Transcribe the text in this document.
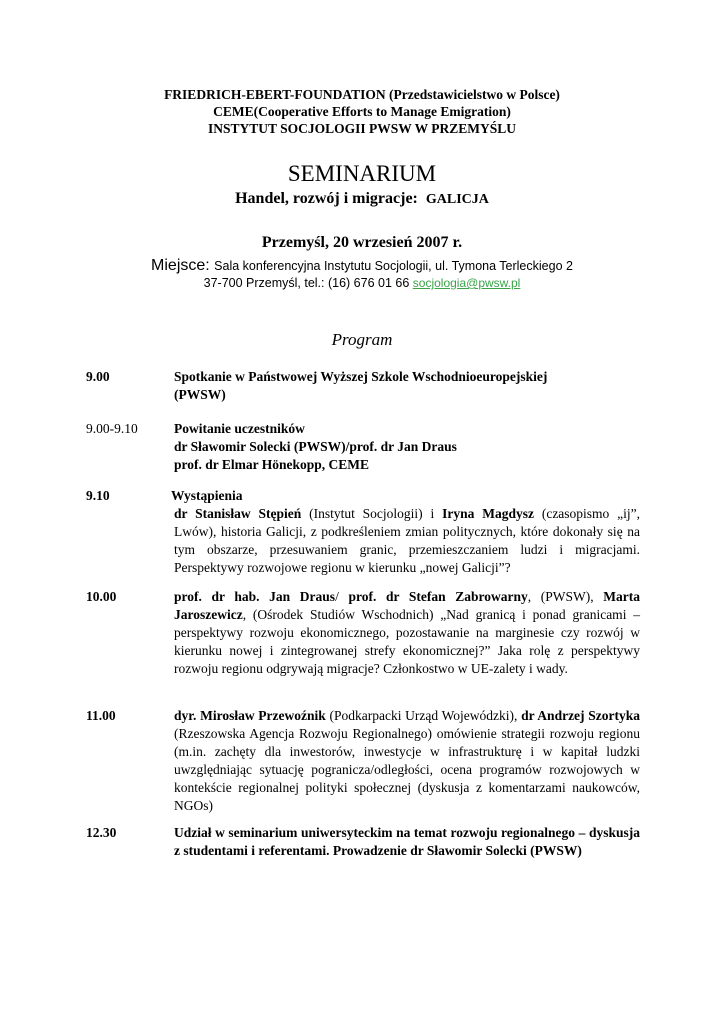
FRIEDRICH-EBERT-FOUNDATION (Przedstawicielstwo w Polsce)
CEME(Cooperative Efforts to Manage Emigration)
INSTYTUT SOCJOLOGII PWSW W PRZEMYŚLU
SEMINARIUM
Handel, rozwój i migracje: GALICJA
Przemyśl, 20 wrzesień 2007 r.
Miejsce: Sala konferencyjna Instytutu Socjologii, ul. Tymona Terleckiego 2
37-700 Przemyśl, tel.: (16) 676 01 66 socjologia@pwsw.pl
Program
9.00	Spotkanie w Państwowej Wyższej Szkole Wschodnioeuropejskiej
(PWSW)
9.00-9.10	Powitanie uczestników
dr Sławomir Solecki (PWSW)/prof. dr Jan Draus
prof. dr Elmar Hönekopp, CEME
9.10	Wystąpienia
dr Stanisław Stępień (Instytut Socjologii) i Iryna Magdysz (czasopismo „ij”, Lwów), historia Galicji, z podkreśleniem zmian politycznych, które dokonały się na tym obszarze, przesuwaniem granic, przemieszczaniem ludzi i migracjami. Perspektywy rozwojowe regionu w kierunku „nowej Galicji”?
10.00	prof. dr hab. Jan Draus/ prof. dr Stefan Zabrowarny, (PWSW), Marta Jaroszewicz, (Ośrodek Studiów Wschodnich) „Nad granicą i ponad granicami – perspektywy rozwoju ekonomicznego, pozostawanie na marginesie czy rozwój w kierunku nowej i zintegrowanej strefy ekonomicznej?” Jaka rolę z perspektywy rozwoju regionu odgrywają migracje? Członkostwo w UE-zalety i wady.
11.00	dyr. Mirosław Przewoźnik (Podkarpacki Urząd Wojewódzki), dr Andrzej Szortyka (Rzeszowska Agencja Rozwoju Regionalnego) omówienie strategii rozwoju regionu (m.in. zachęty dla inwestorów, inwestycje w infrastrukturę i w kapitał ludzki uwzględniając sytuację pograniczа/odległości, ocena programów rozwojowych w kontekście regionalnej polityki społecznej (dyskusja z komentarzami naukowców, NGOs)
12.30	Udział w seminarium uniwersyteckim na temat rozwoju regionalnego – dyskusja z studentami i referentami. Prowadzenie dr Sławomir Solecki (PWSW)
